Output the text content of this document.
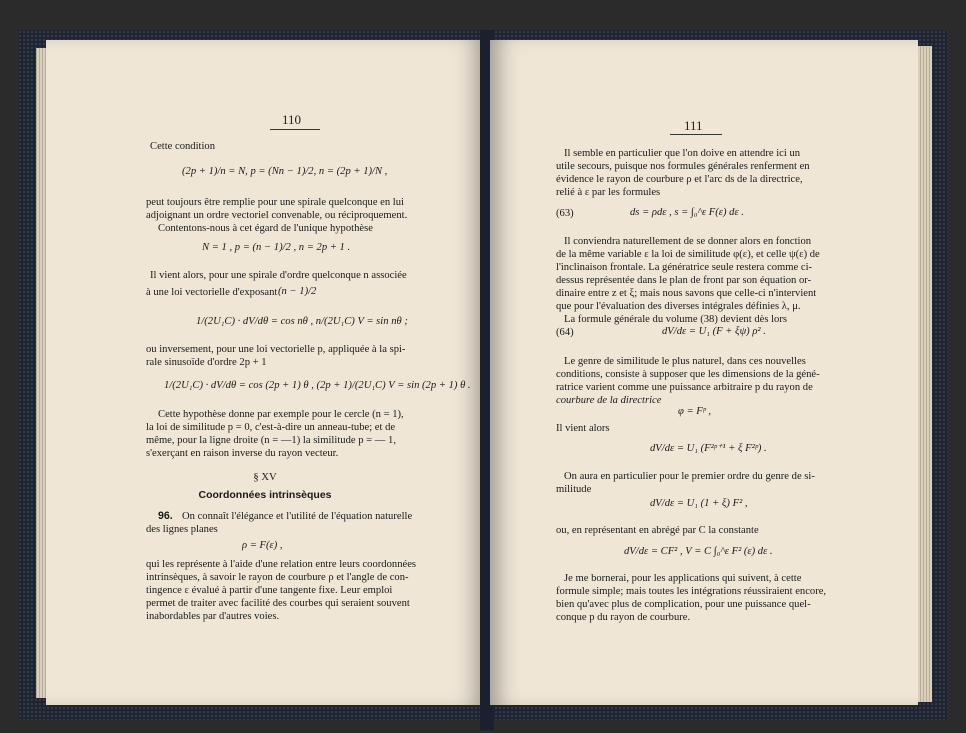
110
Cette condition
(2p + 1)/n = N, p = (Nn − 1)/2, n = (2p + 1)/N ,
peut toujours être remplie pour une spirale quelconque en lui
adjoignant un ordre vectoriel convenable, ou réciproquement.
Contentons-nous à cet égard de l'unique hypothèse
N = 1 , p = (n − 1)/2 , n = 2p + 1 .
Il vient alors, pour une spirale d'ordre quelconque n associée
à une loi vectorielle d'exposant (n − 1)/2
1/(2U₁C) · dV/dθ = cos nθ , n/(2U₁C) V = sin nθ ;
ou inversement, pour une loi vectorielle p, appliquée à la spi-
rale sinusoïde d'ordre 2p + 1
1/(2U₁C) · dV/dθ = cos (2p + 1) θ , (2p + 1)/(2U₁C) V = sin (2p + 1) θ .
Cette hypothèse donne par exemple pour le cercle (n = 1),
la loi de similitude p = 0, c'est-à-dire un anneau-tube; et de
même, pour la ligne droite (n = —1) la similitude p = — 1,
s'exerçant en raison inverse du rayon vecteur.
§ XV
Coordonnées intrinsèques
96. On connaît l'élégance et l'utilité de l'équation naturelle
des lignes planes
ρ = F(ε) ,
qui les représente à l'aide d'une relation entre leurs coordonnées
intrinsèques, à savoir le rayon de courbure ρ et l'angle de con-
tingence ε évalué à partir d'une tangente fixe. Leur emploi
permet de traiter avec facilité des courbes qui seraient souvent
inabordables par d'autres voies.
111
Il semble en particulier que l'on doive en attendre ici un
utile secours, puisque nos formules générales renferment en
évidence le rayon de courbure ρ et l'arc ds de la directrice,
relié à ε par les formules
(63)	ds = ρdε , s = ∫₀^ε F(ε) dε .
Il conviendra naturellement de se donner alors en fonction
de la même variable ε la loi de similitude φ(ε), et celle ψ(ε) de
l'inclinaison frontale. La génératrice seule restera comme ci-
dessus représentée dans le plan de front par son équation or-
dinaire entre z et ξ; mais nous savons que celle-ci n'intervient
que pour l'évaluation des diverses intégrales définies λ, μ.
La formule générale du volume (38) devient dès lors
(64)	dV/dε = U₁ (F + ξψ) ρ² .
Le genre de similitude le plus naturel, dans ces nouvelles
conditions, consiste à supposer que les dimensions de la géné-
ratrice varient comme une puissance arbitraire p du rayon de
courbure de la directrice
φ = Fᵖ ,
Il vient alors
dV/dε = U₁ (F²ᵖ⁺¹ + ξ F²ᵖ) .
On aura en particulier pour le premier ordre du genre de si-
militude
dV/dε = U₁ (1 + ξ) F² ,
ou, en représentant en abrégé par C la constante
dV/dε = CF² , V = C ∫₀^ε F² (ε) dε .
Je me bornerai, pour les applications qui suivent, à cette
formule simple; mais toutes les intégrations réussiraient encore,
bien qu'avec plus de complication, pour une puissance quel-
conque p du rayon de courbure.
